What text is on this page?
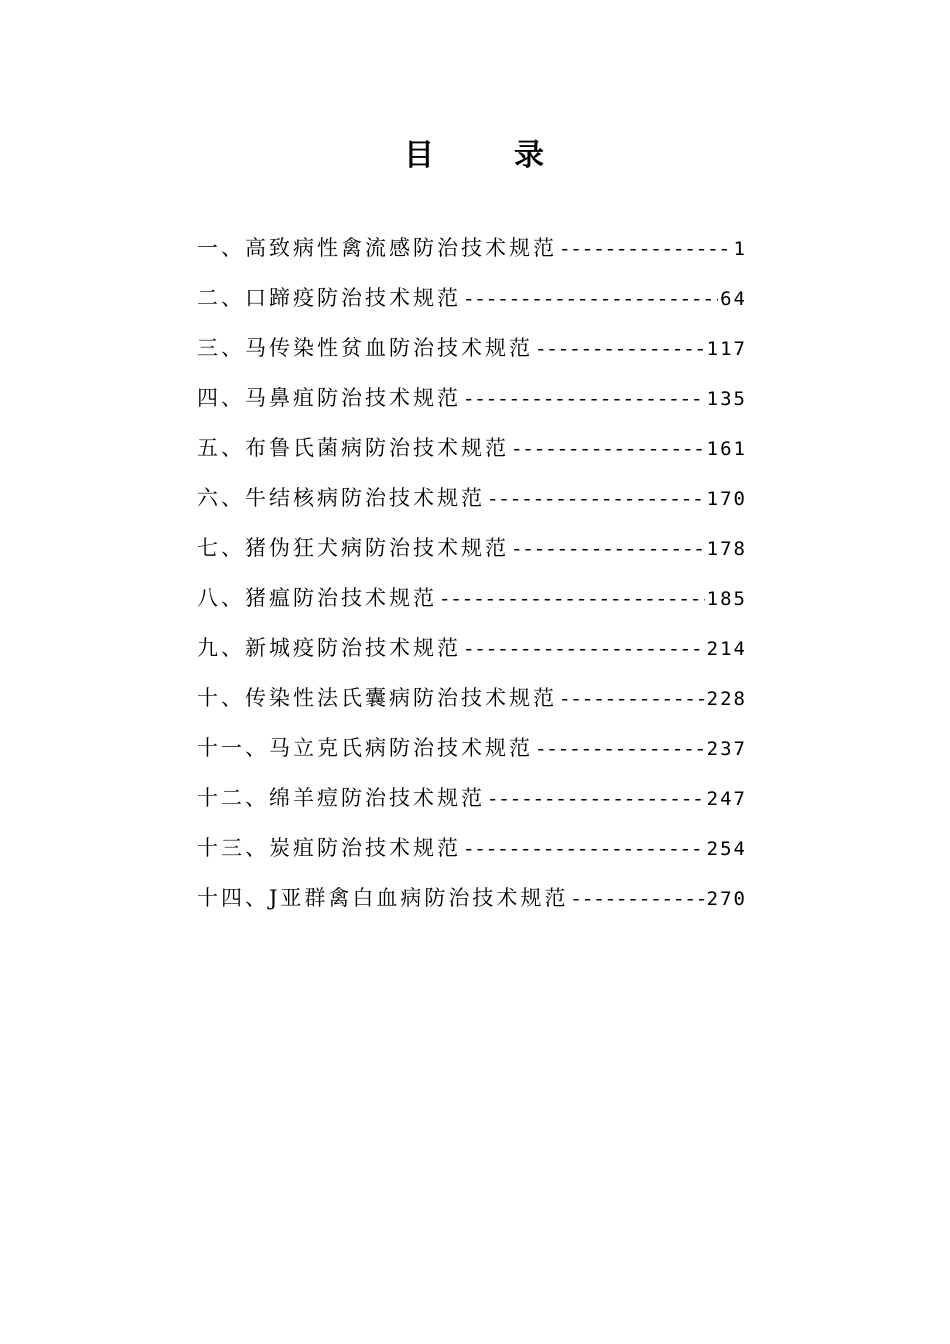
目	录
一、高致病性禽流感防治技术规范 -----	1
二、口蹄疫防治技术规范 -----	64
三、马传染性贫血防治技术规范 -----	117
四、马鼻疽防治技术规范 -----	135
五、布鲁氏菌病防治技术规范 -----	161
六、牛结核病防治技术规范 -----	170
七、猪伪狂犬病防治技术规范 -----	178
八、猪瘟防治技术规范 -----	185
九、新城疫防治技术规范 -----	214
十、传染性法氏囊病防治技术规范 -----	228
十一、马立克氏病防治技术规范 -----	237
十二、绵羊痘防治技术规范 -----	247
十三、炭疽防治技术规范 -----	254
十四、J亚群禽白血病防治技术规范 -----	270
